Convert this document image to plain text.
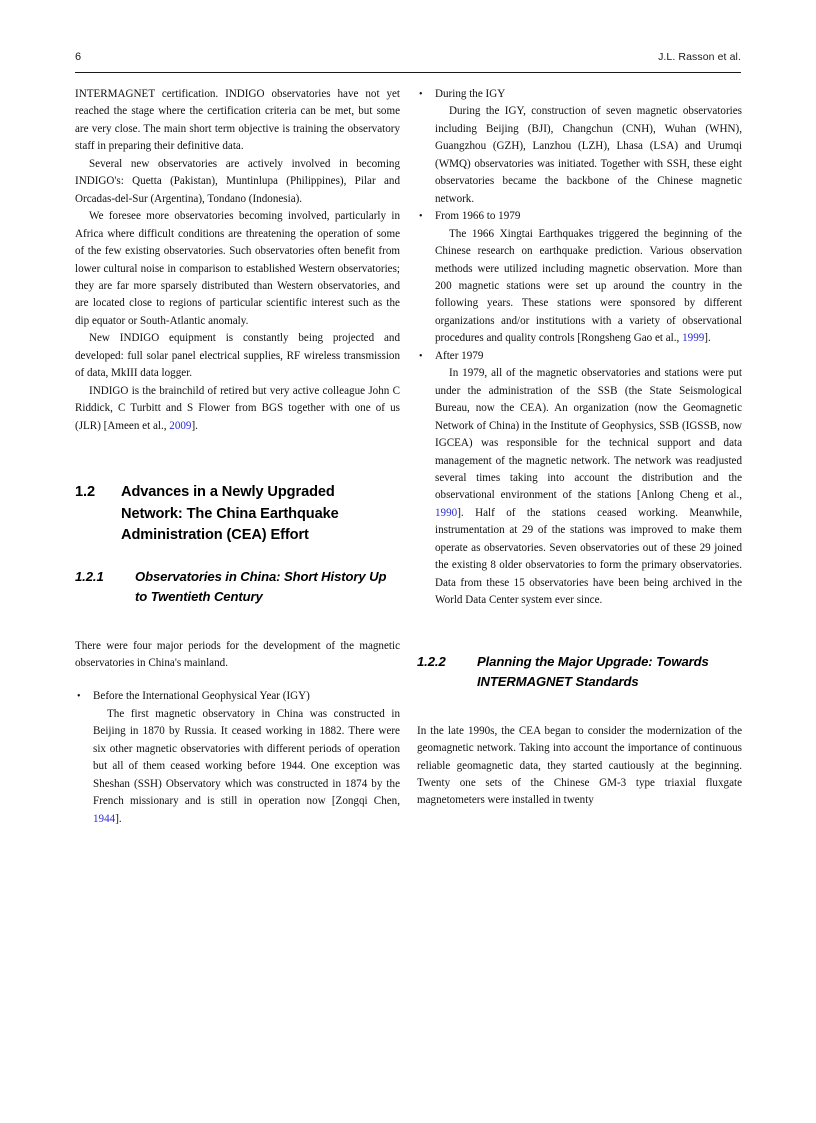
6	J.L. Rasson et al.

INTERMAGNET certification. INDIGO observatories have not yet reached the stage where the certification criteria can be met, but some are very close. The main short term objective is training the observatory staff in preparing their definitive data.

Several new observatories are actively involved in becoming INDIGO's: Quetta (Pakistan), Muntinlupa (Philippines), Pilar and Orcadas-del-Sur (Argentina), Tondano (Indonesia).

We foresee more observatories becoming involved, particularly in Africa where difficult conditions are threatening the operation of some of the few existing observatories. Such observatories often benefit from lower cultural noise in comparison to established Western observatories; they are far more sparsely distributed than Western observatories, and are located close to regions of particular scientific interest such as the dip equator or South-Atlantic anomaly.

New INDIGO equipment is constantly being projected and developed: full solar panel electrical supplies, RF wireless transmission of data, MkIII data logger.

INDIGO is the brainchild of retired but very active colleague John C Riddick, C Turbitt and S Flower from BGS together with one of us (JLR) [Ameen et al., 2009].

1.2 Advances in a Newly Upgraded Network: The China Earthquake Administration (CEA) Effort
1.2.1 Observatories in China: Short History Up to Twentieth Century

There were four major periods for the development of the magnetic observatories in China's mainland.

• Before the International Geophysical Year (IGY)
The first magnetic observatory in China was constructed in Beijing in 1870 by Russia. It ceased working in 1882. There were six other magnetic observatories with different periods of operation but all of them ceased working before 1944. One exception was Sheshan (SSH) Observatory which was constructed in 1874 by the French missionary and is still in operation now [Zongqi Chen, 1944].
• During the IGY
During the IGY, construction of seven magnetic observatories including Beijing (BJI), Changchun (CNH), Wuhan (WHN), Guangzhou (GZH), Lanzhou (LZH), Lhasa (LSA) and Urumqi (WMQ) observatories was initiated. Together with SSH, these eight observatories became the backbone of the Chinese magnetic network.
• From 1966 to 1979
The 1966 Xingtai Earthquakes triggered the beginning of the Chinese research on earthquake prediction. Various observation methods were utilized including magnetic observation. More than 200 magnetic stations were set up around the country in the following years. These stations were sponsored by different organizations and/or institutions with a variety of observational procedures and quality controls [Rongsheng Gao et al., 1999].
• After 1979
In 1979, all of the magnetic observatories and stations were put under the administration of the SSB (the State Seismological Bureau, now the CEA). An organization (now the Geomagnetic Network of China) in the Institute of Geophysics, SSB (IGSSB, now IGCEA) was responsible for the technical support and data management of the magnetic network. The network was readjusted several times taking into account the distribution and the observational environment of the stations [Anlong Cheng et al., 1990]. Half of the stations ceased working. Meanwhile, instrumentation at 29 of the stations was improved to make them operate as observatories. Seven observatories out of these 29 joined the existing 8 older observatories to form the primary observatories. Data from these 15 observatories have been being archived in the World Data Center system ever since.
1.2.2 Planning the Major Upgrade: Towards INTERMAGNET Standards

In the late 1990s, the CEA began to consider the modernization of the geomagnetic network. Taking into account the importance of continuous reliable geomagnetic data, they started cautiously at the beginning. Twenty one sets of the Chinese GM-3 type triaxial fluxgate magnetometers were installed in twenty
